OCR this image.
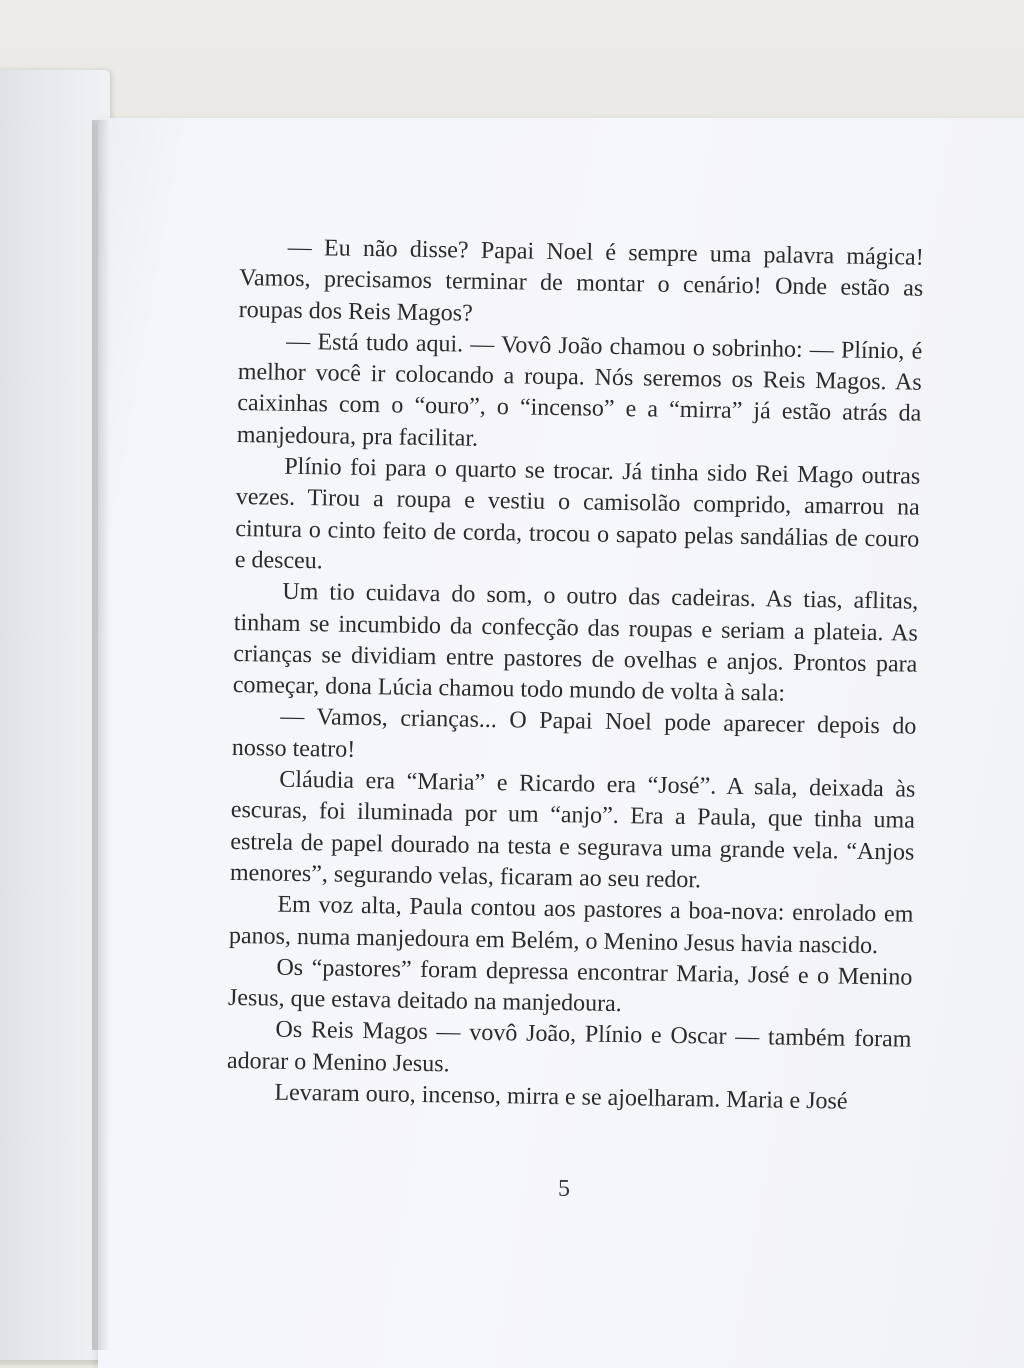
— Eu não disse? Papai Noel é sempre uma palavra mágica! Vamos, precisamos terminar de montar o cenário! Onde estão as roupas dos Reis Magos?

— Está tudo aqui. — Vovô João chamou o sobrinho: — Plínio, é melhor você ir colocando a roupa. Nós seremos os Reis Magos. As caixinhas com o “ouro”, o “incenso” e a “mirra” já estão atrás da manjedoura, pra facilitar.

Plínio foi para o quarto se trocar. Já tinha sido Rei Mago outras vezes. Tirou a roupa e vestiu o camisolão comprido, amarrou na cintura o cinto feito de corda, trocou o sapato pelas sandálias de couro e desceu.

Um tio cuidava do som, o outro das cadeiras. As tias, aflitas, tinham se incumbido da confecção das roupas e seriam a plateia. As crianças se dividiam entre pastores de ovelhas e anjos. Prontos para começar, dona Lúcia chamou todo mundo de volta à sala:

— Vamos, crianças... O Papai Noel pode aparecer depois do nosso teatro!

Cláudia era “Maria” e Ricardo era “José”. A sala, deixada às escuras, foi iluminada por um “anjo”. Era a Paula, que tinha uma estrela de papel dourado na testa e segurava uma grande vela. “Anjos menores”, segurando velas, ficaram ao seu redor.

Em voz alta, Paula contou aos pastores a boa-nova: enrolado em panos, numa manjedoura em Belém, o Menino Jesus havia nascido.

Os “pastores” foram depressa encontrar Maria, José e o Menino Jesus, que estava deitado na manjedoura.

Os Reis Magos — vovô João, Plínio e Oscar — também foram adorar o Menino Jesus.

Levaram ouro, incenso, mirra e se ajoelharam. Maria e José

5
